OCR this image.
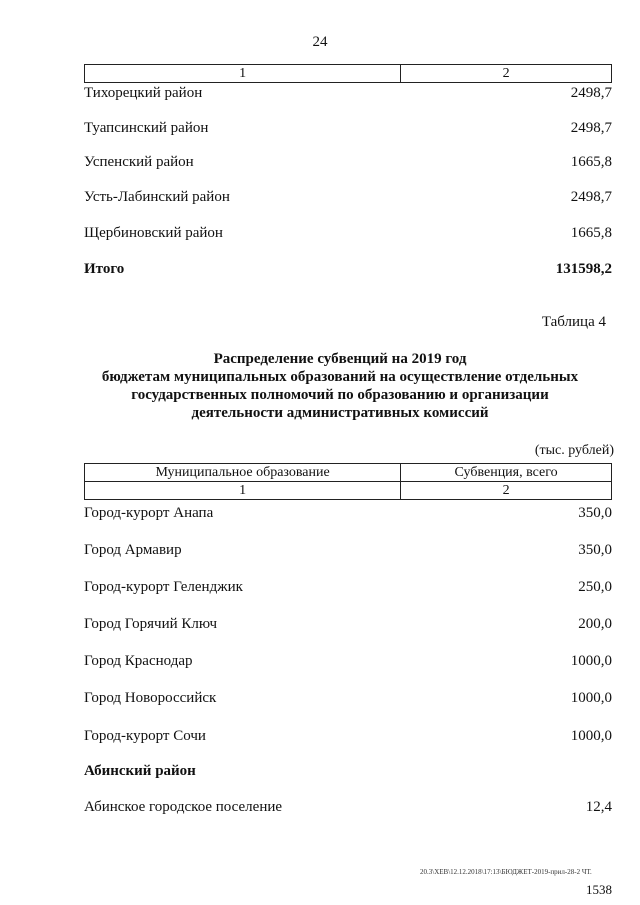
24
1	2
Тихорецкий район	2498,7
Туапсинский район	2498,7
Успенский район	1665,8
Усть-Лабинский район	2498,7
Щербиновский район	1665,8
Итого	131598,2
Таблица 4
Распределение субвенций на 2019 год
бюджетам муниципальных образований на осуществление отдельных
государственных полномочий по образованию и организации
деятельности административных комиссий
(тыс. рублей)
Муниципальное образование	Субвенция, всего
1	2
Город-курорт Анапа	350,0
Город Армавир	350,0
Город-курорт Геленджик	250,0
Город Горячий Ключ	200,0
Город Краснодар	1000,0
Город Новороссийск	1000,0
Город-курорт Сочи	1000,0
Абинский район
Абинское городское поселение	12,4
20.3\XEB\12.12.2018\17:13\БЮДЖЕТ-2019-прил-28-2 ЧТ.
1538
